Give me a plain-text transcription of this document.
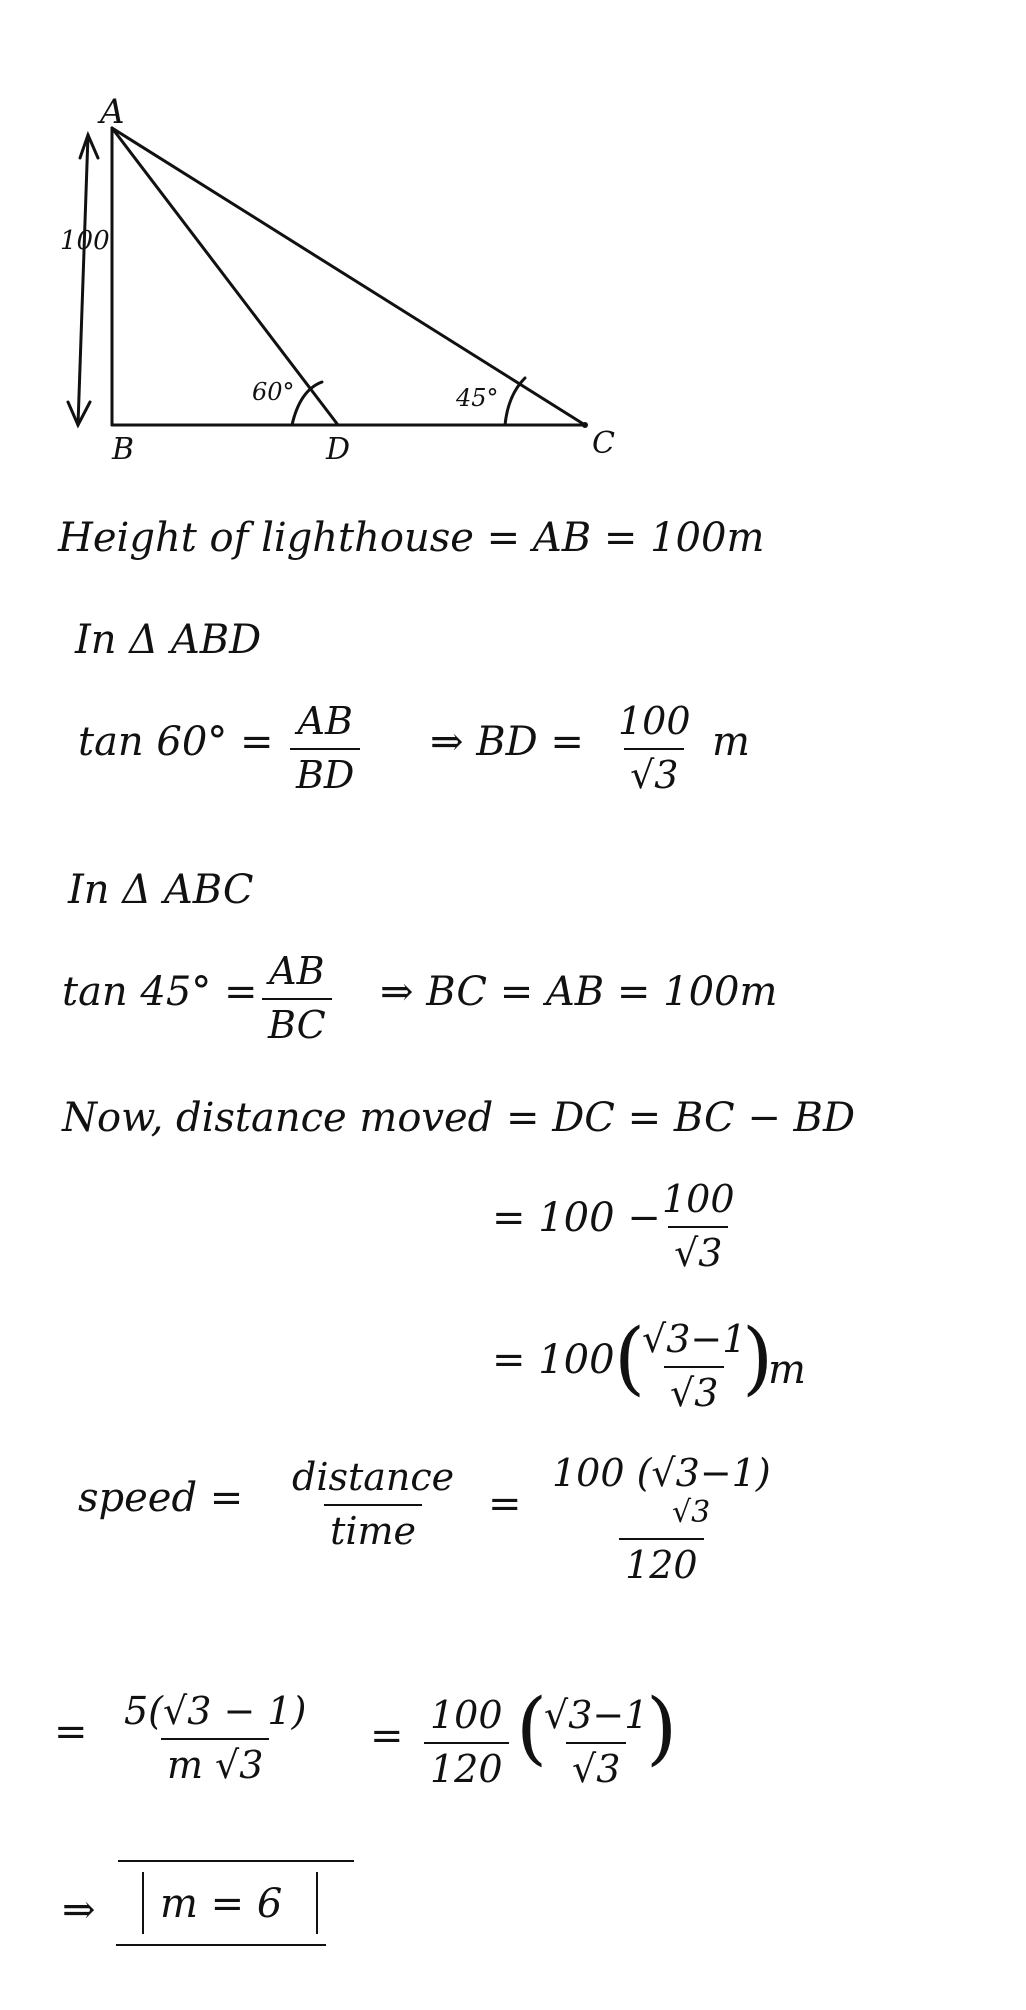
A
B	D	C
100
60°	45°
Height of lighthouse = AB = 100m
In Δ ABD
$\tan 60^\circ = \frac{AB}{BD}$ ⇒ BD = $\frac{100}{√3}$ m
In Δ ABC
$\tan 45^\circ = \frac{AB}{BC}$ ⇒ BC = AB = 100m
Now, distance moved = DC = BC − BD
= 100 −
$\frac{100}{√3}$
= 100 (
$\frac{√3-1}{√3}$
)
m
speed = distance
time
= 100 (√3−1)
√3
120
= $\frac{5(√3 - 1)}{m √3} = \frac{100}{120}$ (
$\frac{√3-1}{√3}$
)
⇒ m = 6
